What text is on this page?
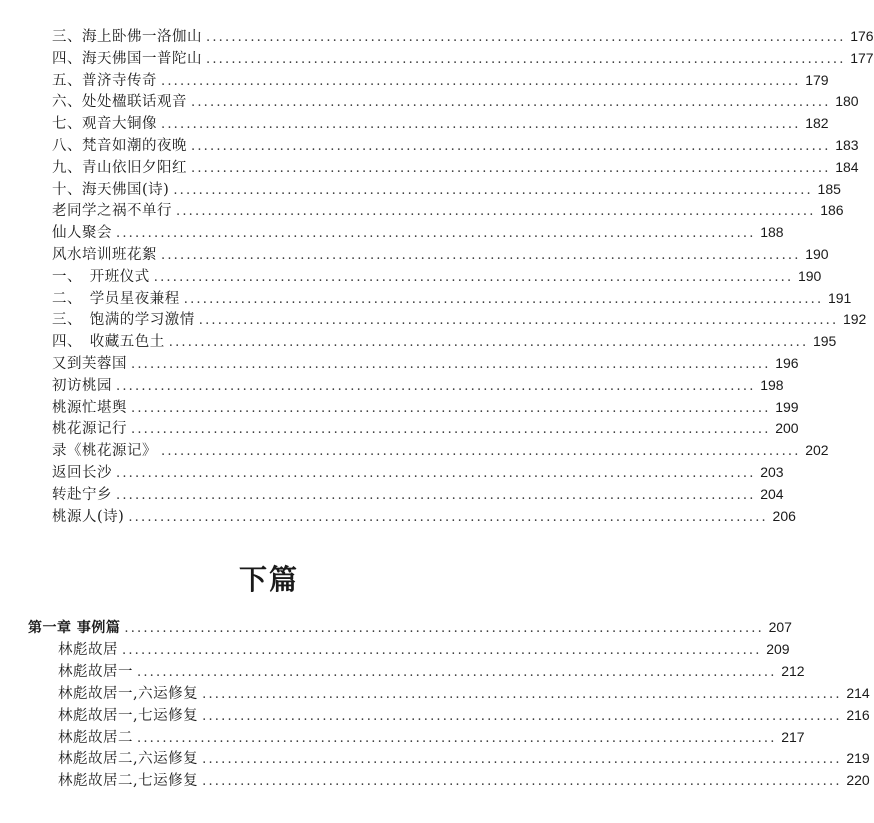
三、海上卧佛一洛伽山 ..................................................................................................... 176
四、海天佛国一普陀山 ..................................................................................................... 177
五、普济寺传奇 ..................................................................................................... 179
六、处处楹联话观音 ..................................................................................................... 180
七、观音大铜像 ..................................................................................................... 182
八、梵音如潮的夜晚 ..................................................................................................... 183
九、青山依旧夕阳红 ..................................................................................................... 184
十、海天佛国(诗) ..................................................................................................... 185
老同学之祸不单行 ..................................................................................................... 186
仙人聚会 ..................................................................................................... 188
风水培训班花絮 ..................................................................................................... 190
一、　开班仪式 ..................................................................................................... 190
二、　学员星夜兼程 ..................................................................................................... 191
三、　饱满的学习激情 ..................................................................................................... 192
四、　收藏五色土 ..................................................................................................... 195
又到芙蓉国 ..................................................................................................... 196
初访桃园 ..................................................................................................... 198
桃源忙堪舆 ..................................................................................................... 199
桃花源记行 ..................................................................................................... 200
录《桃花源记》 ..................................................................................................... 202
返回长沙 ..................................................................................................... 203
转赴宁乡 ..................................................................................................... 204
桃源人(诗) ..................................................................................................... 206
第一章 事例篇 ..................................................................................................... 207
林彪故居 ..................................................................................................... 209
林彪故居一 ..................................................................................................... 212
林彪故居一,六运修复 ..................................................................................................... 214
林彪故居一,七运修复 ..................................................................................................... 216
林彪故居二 ..................................................................................................... 217
林彪故居二,六运修复 ..................................................................................................... 219
林彪故居二,七运修复 ..................................................................................................... 220
下篇
